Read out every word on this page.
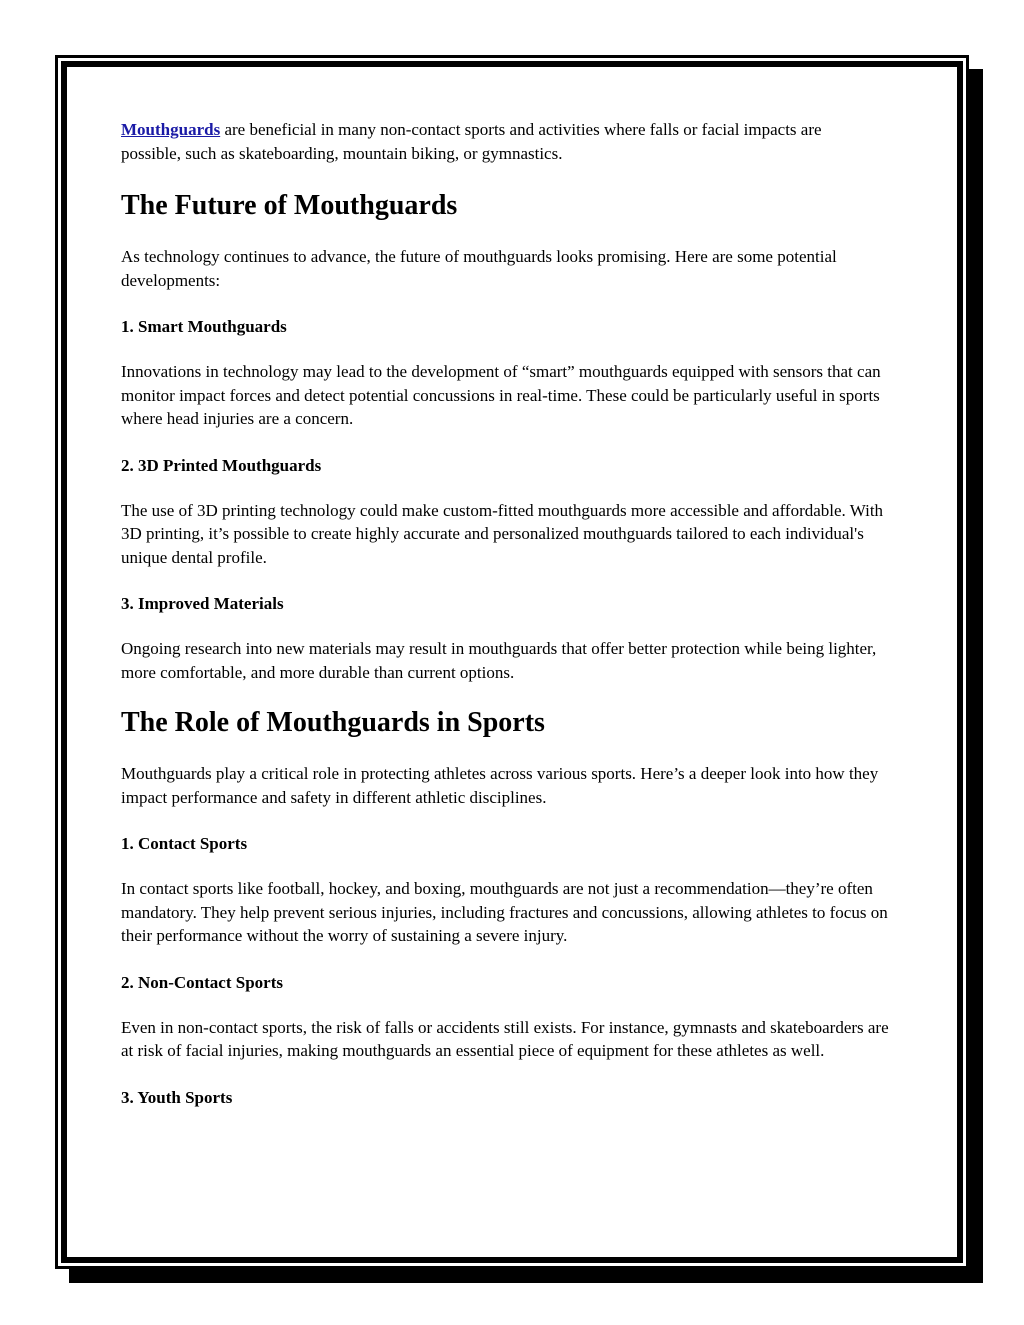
Mouthguards are beneficial in many non-contact sports and activities where falls or facial impacts are possible, such as skateboarding, mountain biking, or gymnastics.

The Future of Mouthguards

As technology continues to advance, the future of mouthguards looks promising. Here are some potential developments:

1. Smart Mouthguards

Innovations in technology may lead to the development of “smart” mouthguards equipped with sensors that can monitor impact forces and detect potential concussions in real-time. These could be particularly useful in sports where head injuries are a concern.

2. 3D Printed Mouthguards

The use of 3D printing technology could make custom-fitted mouthguards more accessible and affordable. With 3D printing, it’s possible to create highly accurate and personalized mouthguards tailored to each individual's unique dental profile.

3. Improved Materials

Ongoing research into new materials may result in mouthguards that offer better protection while being lighter, more comfortable, and more durable than current options.

The Role of Mouthguards in Sports

Mouthguards play a critical role in protecting athletes across various sports. Here’s a deeper look into how they impact performance and safety in different athletic disciplines.

1. Contact Sports

In contact sports like football, hockey, and boxing, mouthguards are not just a recommendation—they’re often mandatory. They help prevent serious injuries, including fractures and concussions, allowing athletes to focus on their performance without the worry of sustaining a severe injury.

2. Non-Contact Sports

Even in non-contact sports, the risk of falls or accidents still exists. For instance, gymnasts and skateboarders are at risk of facial injuries, making mouthguards an essential piece of equipment for these athletes as well.

3. Youth Sports
